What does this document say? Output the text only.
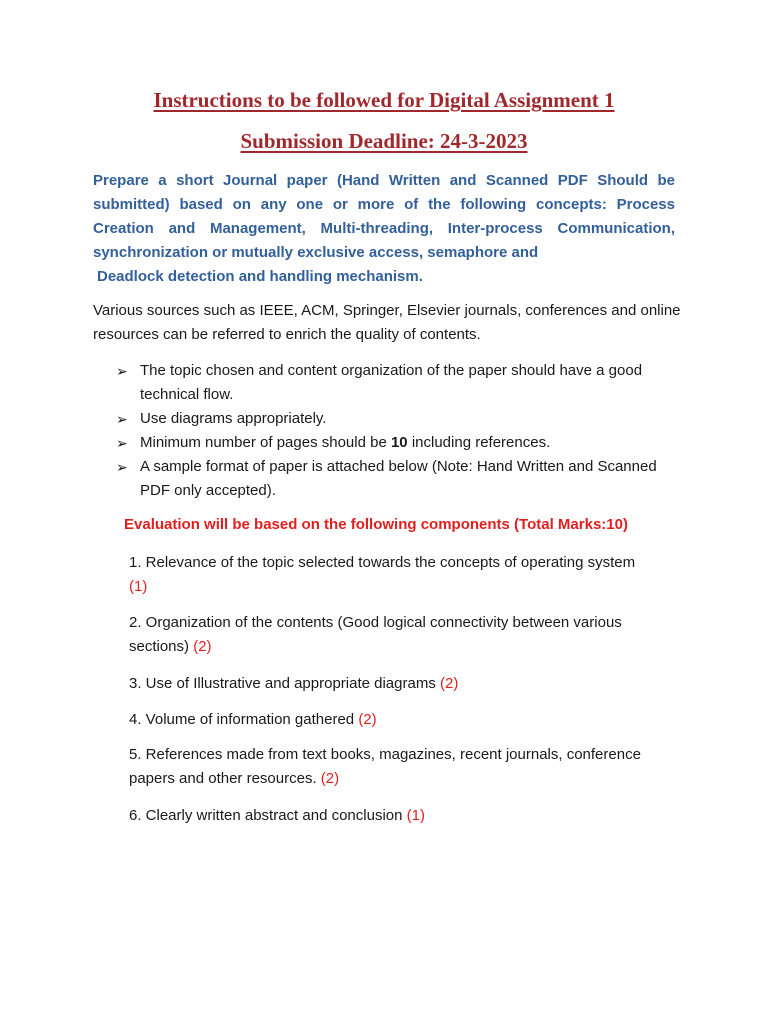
Instructions to be followed for Digital Assignment 1
Submission Deadline: 24-3-2023

Prepare a short Journal paper (Hand Written and Scanned PDF Should be submitted) based on any one or more of the following concepts: Process Creation and Management, Multi-threading, Inter-process Communication, synchronization or mutually exclusive access, semaphore and
Deadlock detection and handling mechanism.

Various sources such as IEEE, ACM, Springer, Elsevier journals, conferences and online resources can be referred to enrich the quality of contents.

➢ The topic chosen and content organization of the paper should have a good technical flow.
➢ Use diagrams appropriately.
➢ Minimum number of pages should be 10 including references.
➢ A sample format of paper is attached below (Note: Hand Written and Scanned PDF only accepted).
Evaluation will be based on the following components (Total Marks:10)

1. Relevance of the topic selected towards the concepts of operating system (1)

2. Organization of the contents (Good logical connectivity between various sections) (2)

3. Use of Illustrative and appropriate diagrams (2)

4. Volume of information gathered (2)

5. References made from text books, magazines, recent journals, conference papers and other resources. (2)

6. Clearly written abstract and conclusion (1)
